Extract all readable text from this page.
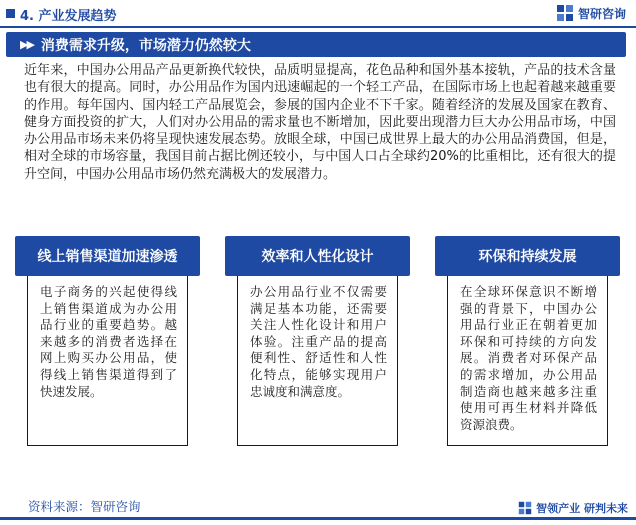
4. 产业发展趋势	智研咨询
▶▶ 消费需求升级，市场潜力仍然较大

近年来，中国办公用品产品更新换代较快，品质明显提高，花色品种和国外基本接轨，产品的技术含量也有很大的提高。同时，办公用品作为国内迅速崛起的一个轻工产品，在国际市场上也起着越来越重要的作用。每年国内、国内轻工产品展览会，参展的国内企业不下千家。随着经济的发展及国家在教育、健身方面投资的扩大，人们对办公用品的需求量也不断增加，因此要出现潜力巨大办公用品市场，中国办公用品市场未来仍将呈现快速发展态势。放眼全球，中国已成世界上最大的办公用品消费国，但是，相对全球的市场容量，我国目前占据比例还较小，与中国人口占全球约20%的比重相比，还有很大的提升空间，中国办公用品市场仍然充满极大的发展潜力。

线上销售渠道加速渗透
电子商务的兴起使得线上销售渠道成为办公用品行业的重要趋势。越来越多的消费者选择在网上购买办公用品，使得线上销售渠道得到了快速发展。
效率和人性化设计
办公用品行业不仅需要满足基本功能，还需要关注人性化设计和用户体验。注重产品的提高便利性、舒适性和人性化特点，能够实现用户忠诚度和满意度。
环保和持续发展
在全球环保意识不断增强的背景下，中国办公用品行业正在朝着更加环保和可持续的方向发展。消费者对环保产品的需求增加，办公用品制造商也越来越多注重使用可再生材料并降低资源浪费。
资料来源：智研咨询	智领产业 研判未来
